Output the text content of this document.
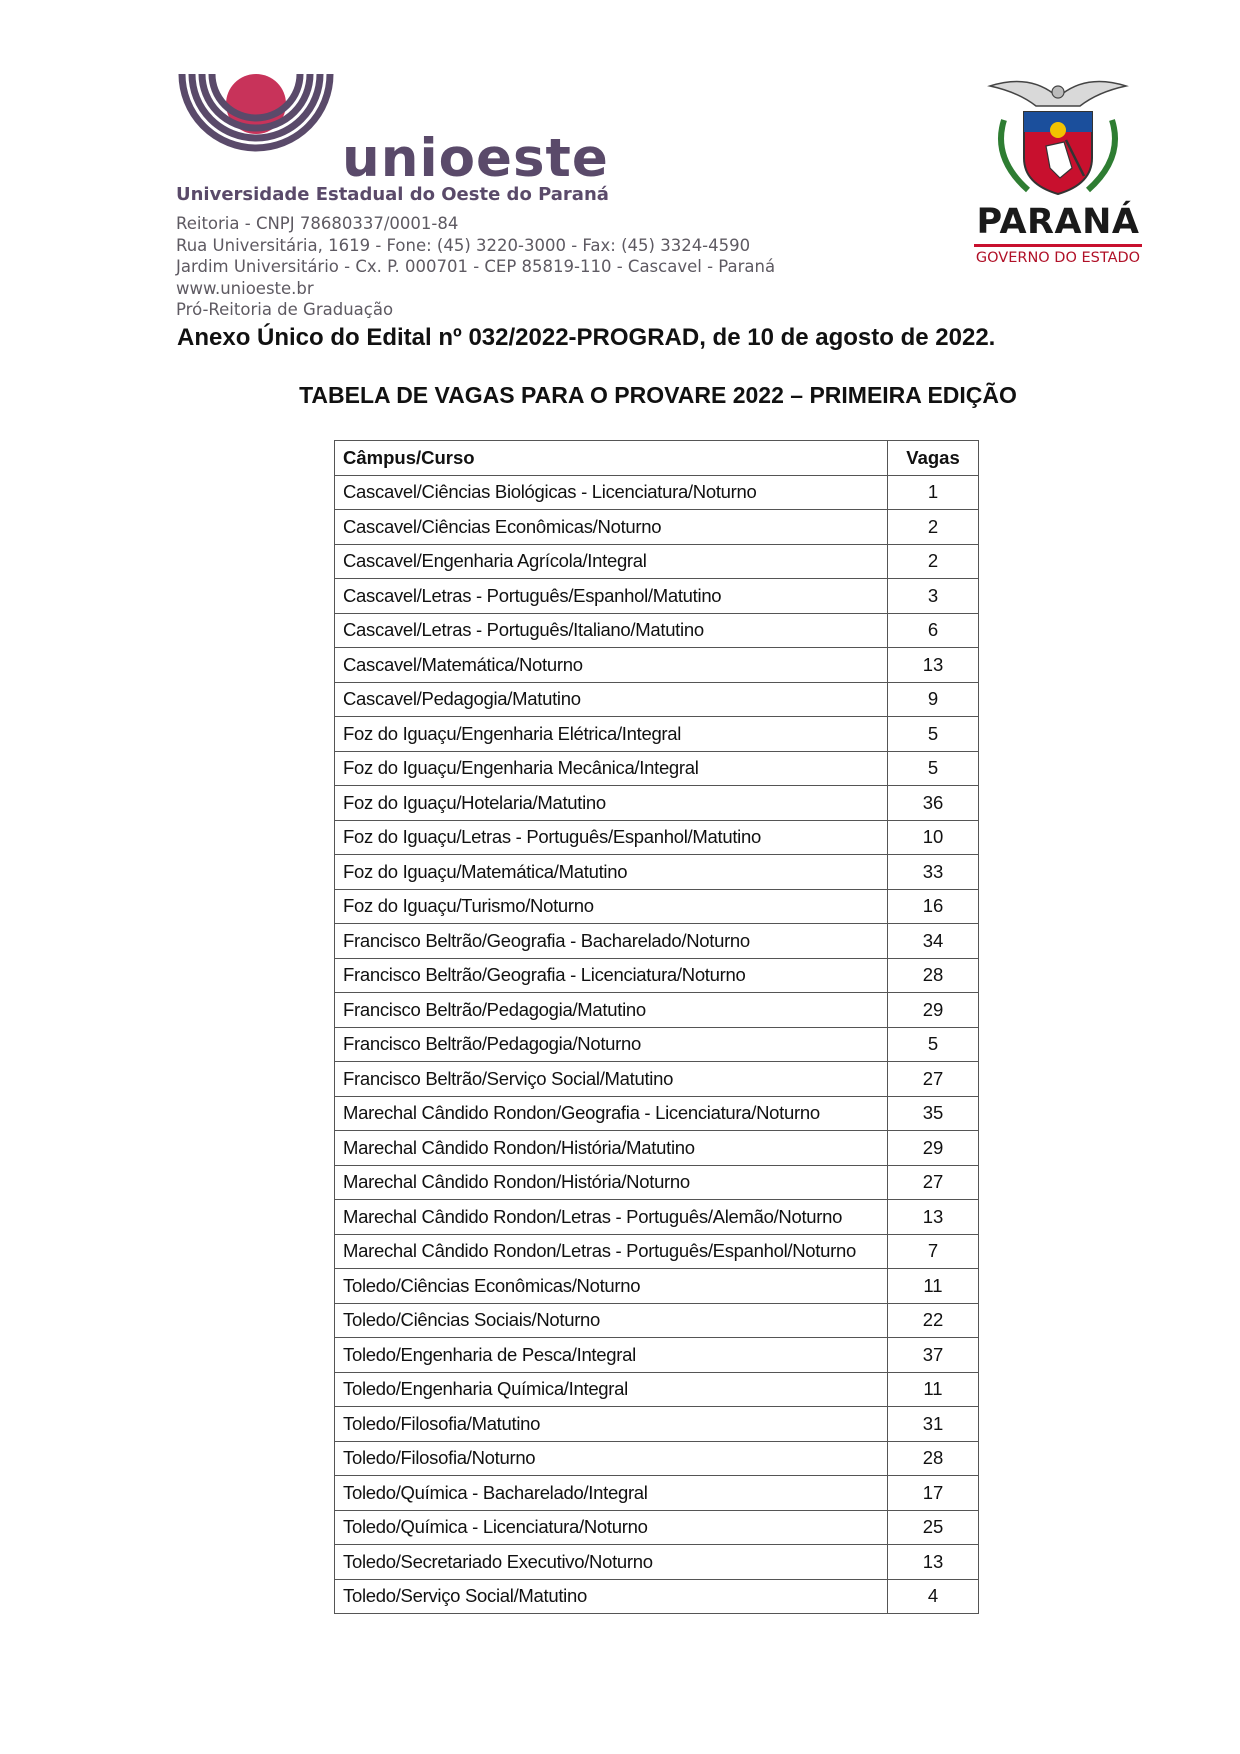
unioeste
Universidade Estadual do Oeste do Paraná
Reitoria - CNPJ 78680337/0001-84
Rua Universitária, 1619 - Fone: (45) 3220-3000 - Fax: (45) 3324-4590
Jardim Universitário - Cx. P. 000701 - CEP 85819-110 - Cascavel - Paraná
www.unioeste.br
Pró-Reitoria de Graduação
PARANÁ
GOVERNO DO ESTADO
Anexo Único do Edital nº 032/2022-PROGRAD, de 10 de agosto de 2022.
TABELA DE VAGAS PARA O PROVARE 2022 – PRIMEIRA EDIÇÃO
Câmpus/Curso	Vagas
Cascavel/Ciências Biológicas - Licenciatura/Noturno	1
Cascavel/Ciências Econômicas/Noturno	2
Cascavel/Engenharia Agrícola/Integral	2
Cascavel/Letras - Português/Espanhol/Matutino	3
Cascavel/Letras - Português/Italiano/Matutino	6
Cascavel/Matemática/Noturno	13
Cascavel/Pedagogia/Matutino	9
Foz do Iguaçu/Engenharia Elétrica/Integral	5
Foz do Iguaçu/Engenharia Mecânica/Integral	5
Foz do Iguaçu/Hotelaria/Matutino	36
Foz do Iguaçu/Letras - Português/Espanhol/Matutino	10
Foz do Iguaçu/Matemática/Matutino	33
Foz do Iguaçu/Turismo/Noturno	16
Francisco Beltrão/Geografia - Bacharelado/Noturno	34
Francisco Beltrão/Geografia - Licenciatura/Noturno	28
Francisco Beltrão/Pedagogia/Matutino	29
Francisco Beltrão/Pedagogia/Noturno	5
Francisco Beltrão/Serviço Social/Matutino	27
Marechal Cândido Rondon/Geografia - Licenciatura/Noturno	35
Marechal Cândido Rondon/História/Matutino	29
Marechal Cândido Rondon/História/Noturno	27
Marechal Cândido Rondon/Letras - Português/Alemão/Noturno	13
Marechal Cândido Rondon/Letras - Português/Espanhol/Noturno	7
Toledo/Ciências Econômicas/Noturno	11
Toledo/Ciências Sociais/Noturno	22
Toledo/Engenharia de Pesca/Integral	37
Toledo/Engenharia Química/Integral	11
Toledo/Filosofia/Matutino	31
Toledo/Filosofia/Noturno	28
Toledo/Química - Bacharelado/Integral	17
Toledo/Química - Licenciatura/Noturno	25
Toledo/Secretariado Executivo/Noturno	13
Toledo/Serviço Social/Matutino	4
